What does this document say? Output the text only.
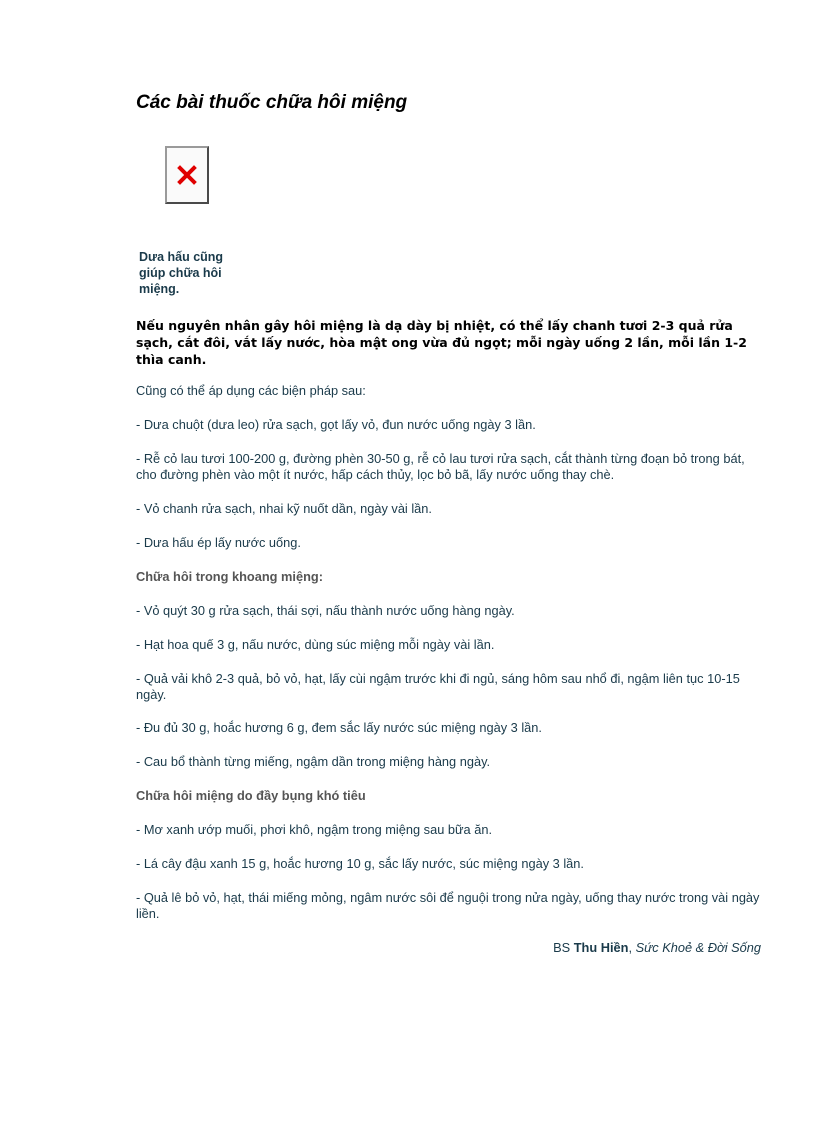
Các bài thuốc chữa hôi miệng
Dưa hấu cũng giúp chữa hôi miệng.
Nếu nguyên nhân gây hôi miệng là dạ dày bị nhiệt, có thể lấy chanh tươi 2-3 quả rửa sạch, cắt đôi, vắt lấy nước, hòa mật ong vừa đủ ngọt; mỗi ngày uống 2 lần, mỗi lần 1-2 thìa canh.
Cũng có thể áp dụng các biện pháp sau:
- Dưa chuột (dưa leo) rửa sạch, gọt lấy vỏ, đun nước uống ngày 3 lần.
- Rễ cỏ lau tươi 100-200 g, đường phèn 30-50 g, rễ cỏ lau tươi rửa sạch, cắt thành từng đoạn bỏ trong bát, cho đường phèn vào một ít nước, hấp cách thủy, lọc bỏ bã, lấy nước uống thay chè.
- Vỏ chanh rửa sạch, nhai kỹ nuốt dần, ngày vài lần.
- Dưa hấu ép lấy nước uống.
Chữa hôi trong khoang miệng:
- Vỏ quýt 30 g rửa sạch, thái sợi, nấu thành nước uống hàng ngày.
- Hạt hoa quế 3 g, nấu nước, dùng súc miệng mỗi ngày vài lần.
- Quả vải khô 2-3 quả, bỏ vỏ, hạt, lấy cùi ngậm trước khi đi ngủ, sáng hôm sau nhổ đi, ngậm liên tục 10-15 ngày.
- Đu đủ 30 g, hoắc hương 6 g, đem sắc lấy nước súc miệng ngày 3 lần.
- Cau bổ thành từng miếng, ngậm dần trong miệng hàng ngày.
Chữa hôi miệng do đầy bụng khó tiêu
- Mơ xanh ướp muối, phơi khô, ngậm trong miệng sau bữa ăn.
- Lá cây đậu xanh 15 g, hoắc hương 10 g, sắc lấy nước, súc miệng ngày 3 lần.
- Quả lê bỏ vỏ, hạt, thái miếng mỏng, ngâm nước sôi để nguội trong nửa ngày, uống thay nước trong vài ngày liền.
BS Thu Hiền, Sức Khoẻ & Đời Sống
